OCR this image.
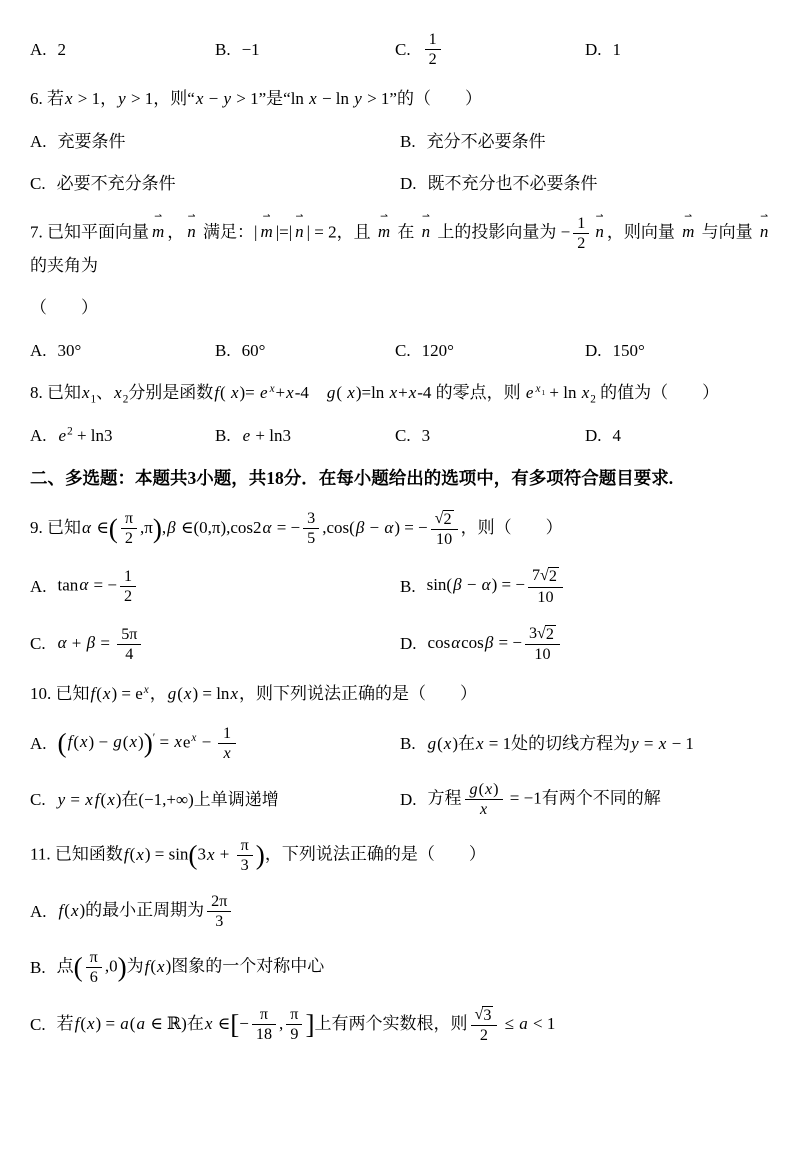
A. 2	B. −1	C. $\frac{1}{2}$	D. 1
6. 若x > 1，y > 1，则“x − y > 1”是“ln x − ln y > 1”的（　　）
A. 充要条件	B. 充分不必要条件
C. 必要不充分条件	D. 既不充分也不必要条件
7. 已知平面向量
⇀
m ，
⇀
n 满足：|
⇀
m |=|
⇀
n | = 2，且
⇀
m 在
⇀
n 上的投影向量为 − $\frac{1}{2}$ ⇀
n ，则向量
⇀
m 与向量
⇀
n 的夹角为
（　　）
A. 30°	B. 60°	C. 120°	D. 150°
8. 已知$x_1$、$x_2$分别是函数f( x)= e $^x$+x-4　g( x)=ln x+x-4 的零点，则 e $^{x_1} + \ln x_2$ 的值为（　　）
A. $e^2 + \ln 3$	B. e + ln3	C. 3	D. 4
二、多选题：本题共3小题，共18分．在每小题给出的选项中，有多项符合题目要求.
9. 已知α ∈( $\frac{\pi}{2} ,\pi),\beta$ ∈(0,π),cos2α = − $\frac{3}{5} ,\cos(\beta - \alpha)$ = − $\frac{√ 2}{10}$ ，则（　　）
A. tanα = − $\frac{1}{2}$	B. sin(β − α) = − $\frac{7 √ 2}{10}$
C. $\alpha + \beta = \frac{5\pi}{4}$	D. cosαcosβ = − $\frac{3 √ 2}{10}$
10. 已知$f(x) = e^x$，g(x) = lnx，则下列说法正确的是（　　）
A. $(f(x) - g(x))' = xe^x - \frac{1}{x}$	B. g(x)在x = 1处的切线方程为y = x − 1
C. y = x f(x)在(−1,+∞)上单调递增	D. 方程 $\frac{g(x)}{x} = -1$有两个不同的解
11. 已知函数$f(x) = \sin(3x + \frac{\pi}{3}$ )，下列说法正确的是（　　）
A. f(x)的最小正周期为 $\frac{2\pi}{3}$
B. 点( $\frac{\pi}{6} ,0$)为f(x)图象的一个对称中心
C. 若f(x) = a(a ∈ ℝ)在x ∈[− $\frac{\pi}{18}$ , $\frac{\pi}{9}$ ]上有两个实数根，则 $\frac{√ 3}{2} \le a < 1$
